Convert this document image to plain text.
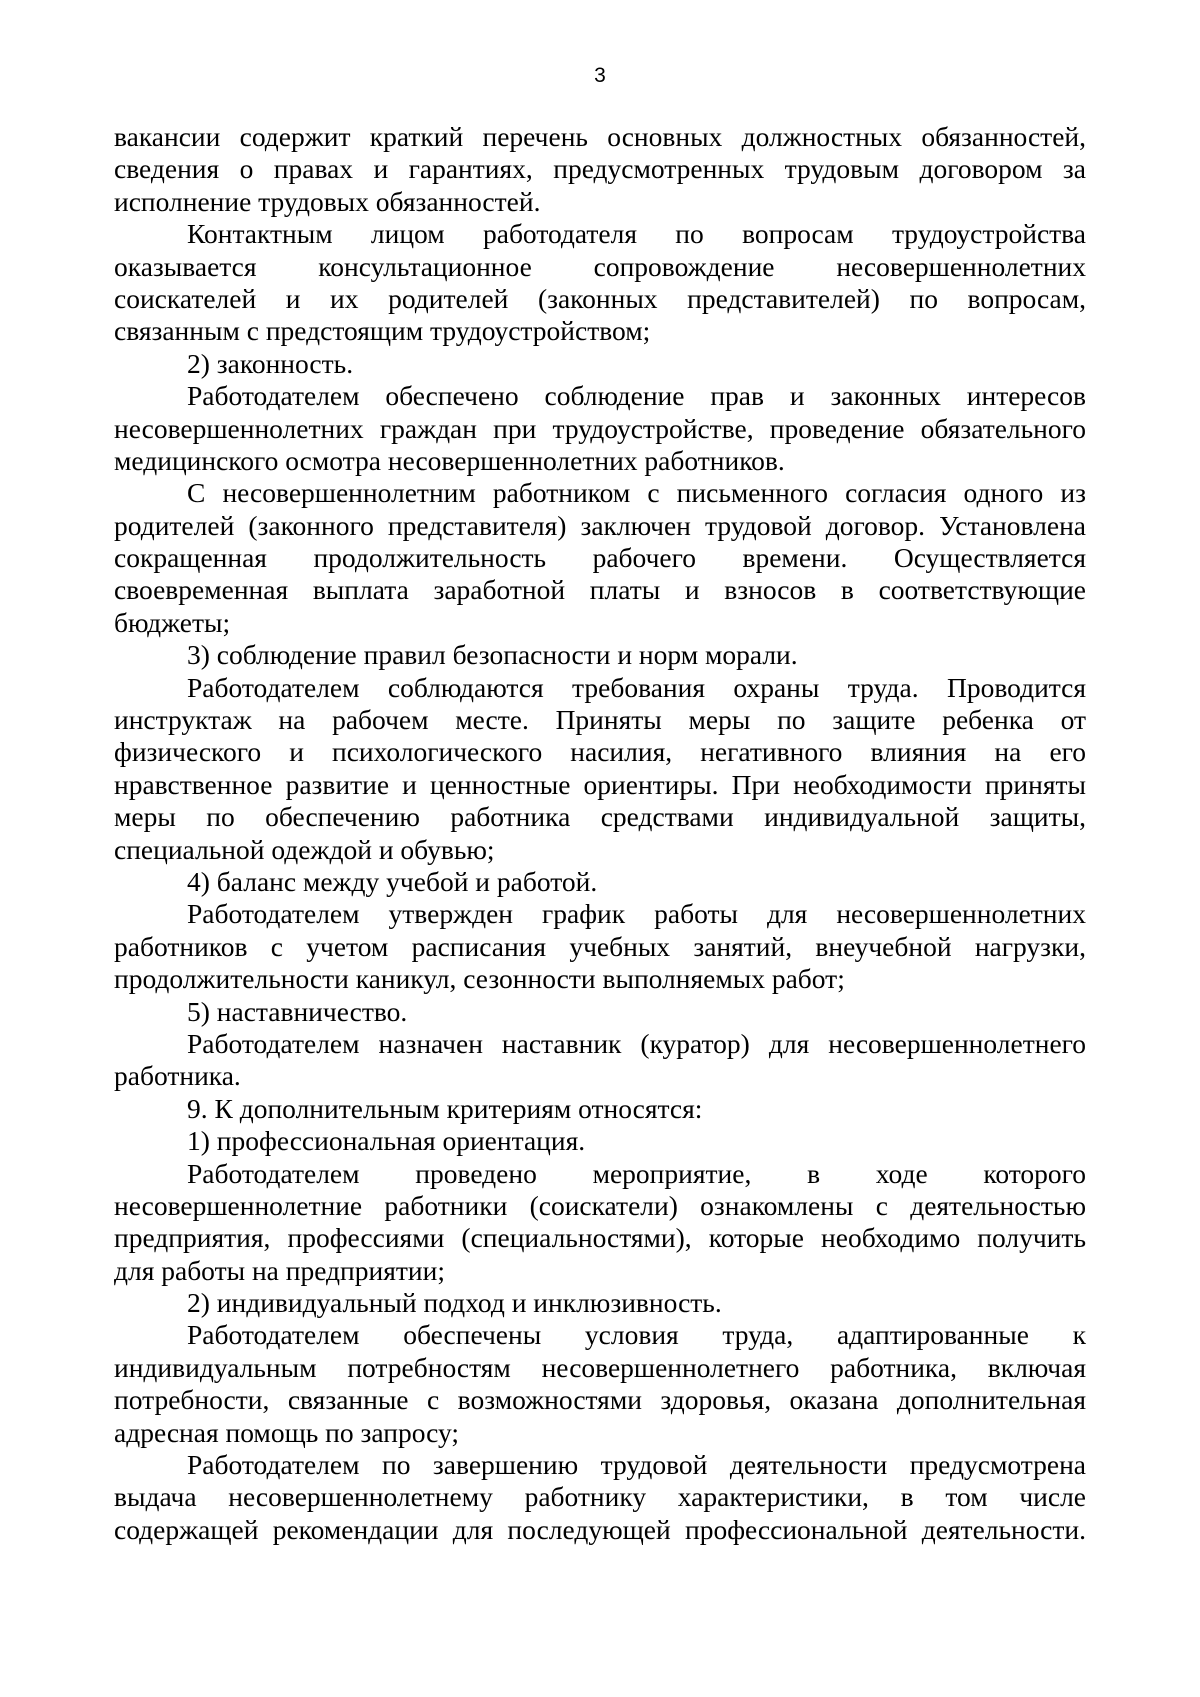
3
вакансии содержит краткий перечень основных должностных обязанностей,
сведения о правах и гарантиях, предусмотренных трудовым договором за
исполнение трудовых обязанностей.
Контактным лицом работодателя по вопросам трудоустройства
оказывается консультационное сопровождение несовершеннолетних
соискателей и их родителей (законных представителей) по вопросам,
связанным с предстоящим трудоустройством;
2) законность.
Работодателем обеспечено соблюдение прав и законных интересов
несовершеннолетних граждан при трудоустройстве, проведение обязательного
медицинского осмотра несовершеннолетних работников.
С несовершеннолетним работником с письменного согласия одного из
родителей (законного представителя) заключен трудовой договор. Установлена
сокращенная продолжительность рабочего времени. Осуществляется
своевременная выплата заработной платы и взносов в соответствующие
бюджеты;
3) соблюдение правил безопасности и норм морали.
Работодателем соблюдаются требования охраны труда. Проводится
инструктаж на рабочем месте. Приняты меры по защите ребенка от
физического и психологического насилия, негативного влияния на его
нравственное развитие и ценностные ориентиры. При необходимости приняты
меры по обеспечению работника средствами индивидуальной защиты,
специальной одеждой и обувью;
4) баланс между учебой и работой.
Работодателем утвержден график работы для несовершеннолетних
работников с учетом расписания учебных занятий, внеучебной нагрузки,
продолжительности каникул, сезонности выполняемых работ;
5) наставничество.
Работодателем назначен наставник (куратор) для несовершеннолетнего
работника.
9. К дополнительным критериям относятся:
1) профессиональная ориентация.
Работодателем проведено мероприятие, в ходе которого
несовершеннолетние работники (соискатели) ознакомлены с деятельностью
предприятия, профессиями (специальностями), которые необходимо получить
для работы на предприятии;
2) индивидуальный подход и инклюзивность.
Работодателем обеспечены условия труда, адаптированные к
индивидуальным потребностям несовершеннолетнего работника, включая
потребности, связанные с возможностями здоровья, оказана дополнительная
адресная помощь по запросу;
Работодателем по завершению трудовой деятельности предусмотрена
выдача несовершеннолетнему работнику характеристики, в том числе
содержащей рекомендации для последующей профессиональной деятельности.
